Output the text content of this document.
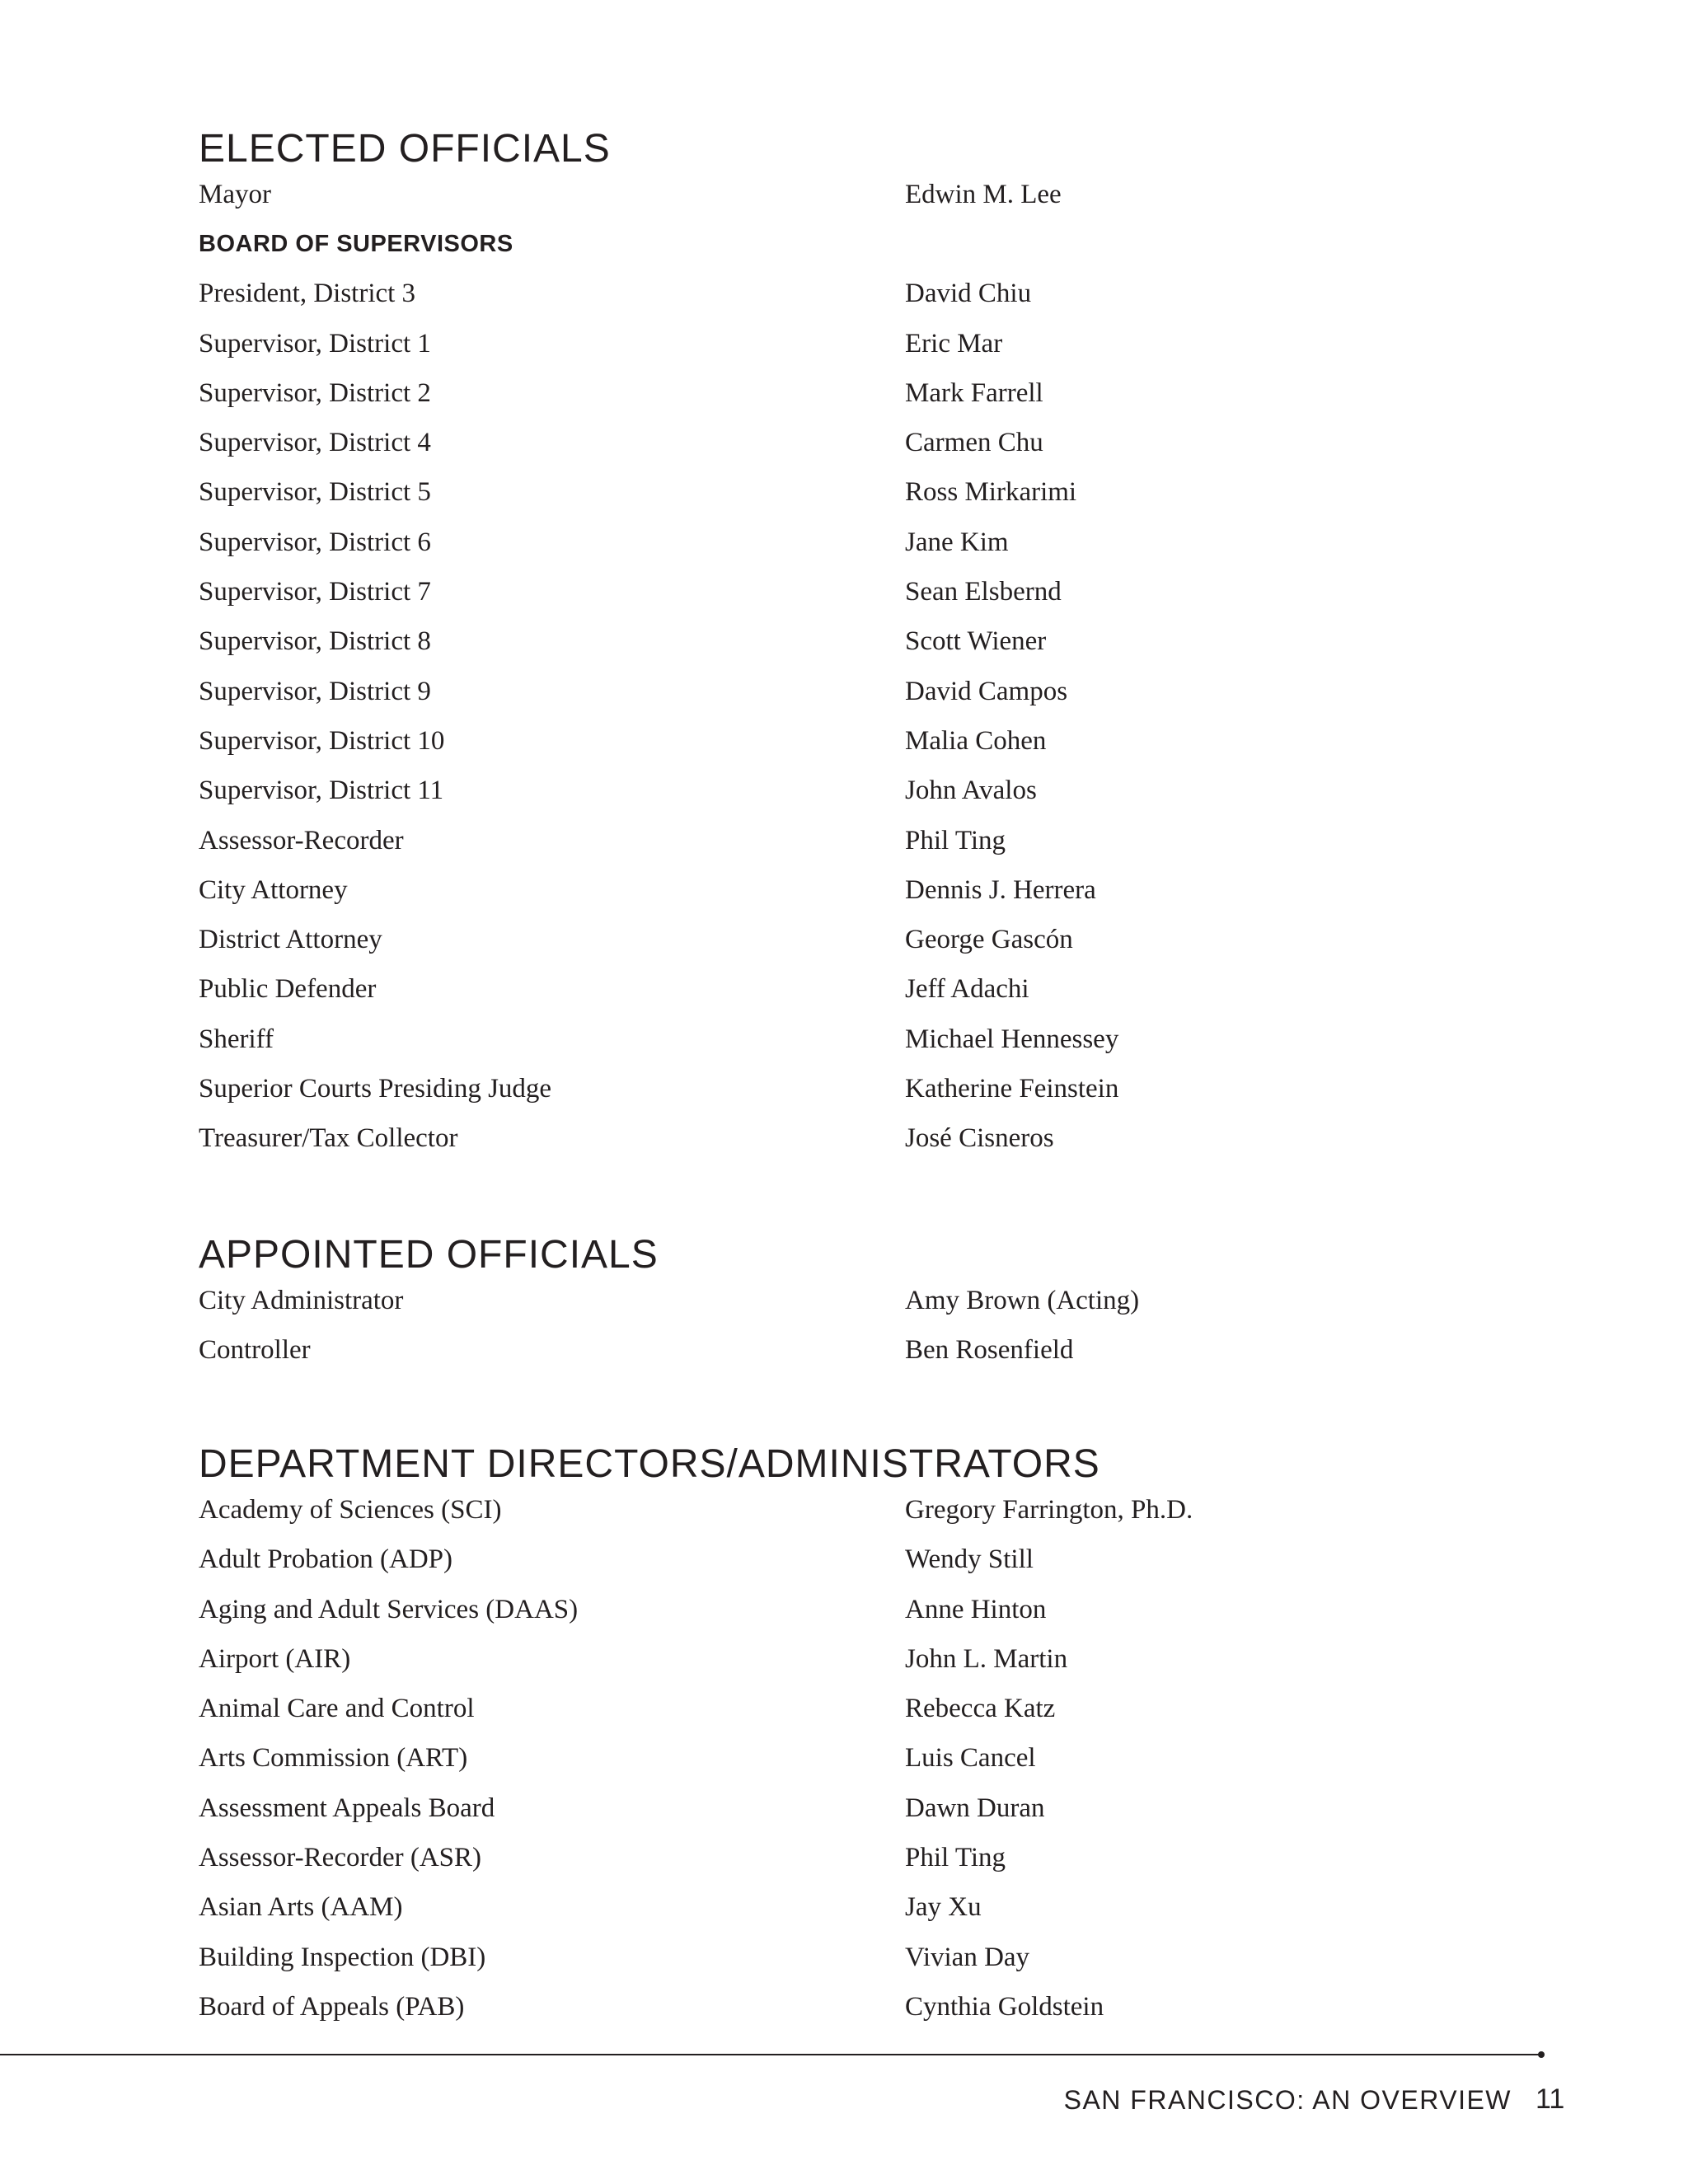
ELECTED OFFICIALS
Mayor	Edwin M. Lee
BOARD OF SUPERVISORS
President, District 3	David Chiu
Supervisor, District 1	Eric Mar
Supervisor, District 2	Mark Farrell
Supervisor, District 4	Carmen Chu
Supervisor, District 5	Ross Mirkarimi
Supervisor, District 6	Jane Kim
Supervisor, District 7	Sean Elsbernd
Supervisor, District 8	Scott Wiener
Supervisor, District 9	David Campos
Supervisor, District 10	Malia Cohen
Supervisor, District 11	John Avalos
Assessor-Recorder	Phil Ting
City Attorney	Dennis J. Herrera
District Attorney	George Gascón
Public Defender	Jeff Adachi
Sheriff	Michael Hennessey
Superior Courts Presiding Judge	Katherine Feinstein
Treasurer/Tax Collector	José Cisneros
APPOINTED OFFICIALS
City Administrator	Amy Brown (Acting)
Controller	Ben Rosenfield
DEPARTMENT DIRECTORS/ADMINISTRATORS
Academy of Sciences (SCI)	Gregory Farrington, Ph.D.
Adult Probation (ADP)	Wendy Still
Aging and Adult Services (DAAS)	Anne Hinton
Airport (AIR)	John L. Martin
Animal Care and Control	Rebecca Katz
Arts Commission (ART)	Luis Cancel
Assessment Appeals Board	Dawn Duran
Assessor-Recorder (ASR)	Phil Ting
Asian Arts (AAM)	Jay Xu
Building Inspection (DBI)	Vivian Day
Board of Appeals (PAB)	Cynthia Goldstein
SAN FRANCISCO: AN OVERVIEW 11
